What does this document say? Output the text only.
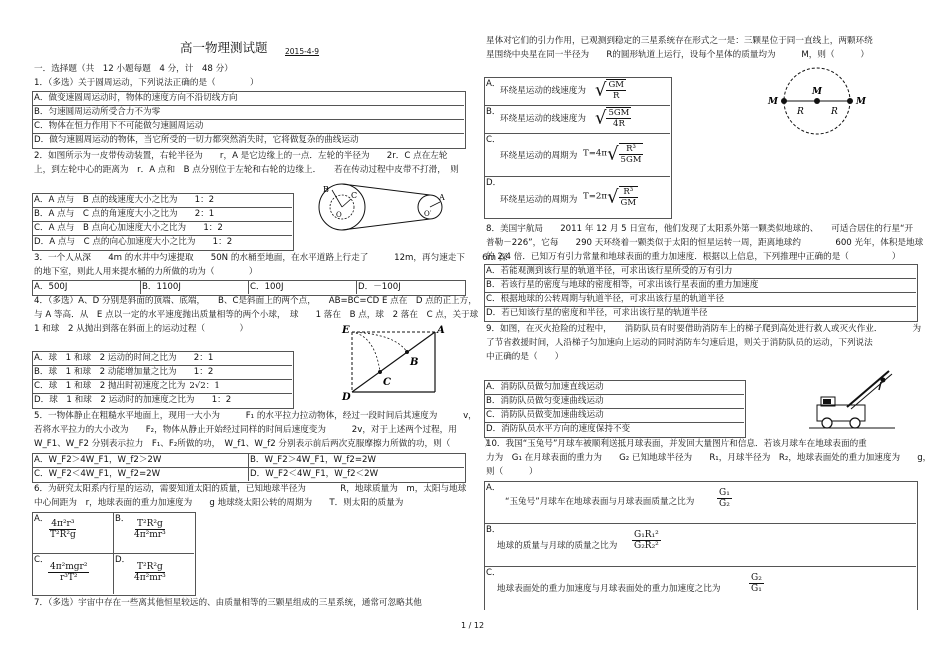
高一物理测试题 2015-4-9
一．选择题（共　12 小题每题　4 分，计　48 分）
1．（多选）关于圆周运动，下列说法正确的是（　　　　）
A．做变速圆周运动时，物体的速度方向不沿切线方向
B．匀速圆周运动所受合力不为零
C．物体在恒力作用下不可能做匀速圆周运动
D．做匀速圆周运动的物体，当它所受的一切力都突然消失时，它将做复杂的曲线运动
2．如图所示为一皮带传动装置，右轮半径为　　r，A 是它边缘上的一点．左轮的半径为　　2r．C 点在左轮
上，到左轮中心的距离为　r．A 点和　B 点分别位于左轮和右轮的边缘上．　　若在传动过程中皮带不打滑，　则
A．A 点与　B 点的线速度大小之比为　　1：2
B．A 点与　C 点的角速度大小之比为　　2：1
C．A 点与　B 点向心加速度大小之比为　　1：2
D．A 点与　C 点的向心加速度大小之比为　　1：2
B
C
O	O′
A
3．一个人从深　　4m 的水井中匀速提取　　50N 的水桶至地面，在水平道路上行走了　　　12m，再匀速走下　　6m 深
的地下室，则此人用来提水桶的力所做的功为（　　　　）
A．500J	B．1100J	C．100J	D．－100J
4．（多选）A、D 分别是斜面的顶端、底端，　　B、C是斜面上的两个点，　　AB=BC=CD E 点在　D 点的正上方，
与 A 等高．从　E 点以一定的水平速度抛出质量相等的两个小球，　球　　1 落在　B 点，球　2 落在　C 点，关于球
1 和球　2 从抛出到落在斜面上的运动过程（　　　　）
A．球　1 和球　2 运动的时间之比为　　2：1
B．球　1 和球　2 动能增加量之比为　　1：2
C．球　1 和球　2 抛出时初速度之比为 2√2：1
D．球　1 和球　2 运动时的加速度之比为　　1：2
E	A
B
C
D
5．一物体静止在粗糙水平地面上，现用一大小为　　　F₁ 的水平拉力拉动物体，经过一段时间后其速度为　　　v，
若将水平拉力的大小改为　　F₂，物体从静止开始经过同样的时间后速度变为　　　2v，对于上述两个过程，用
W_F1、W_F2 分别表示拉力　F₁、F₂所做的功，　W_f1、W_f2 分别表示前后两次克服摩擦力所做的功，则（　　　　）
A．W_F2＞4W_F1，W_f2＞2W	B．W_F2＞4W_F1，W_f2=2W
C．W_F2＜4W_F1，W_f2=2W	D．W_F2＜4W_F1，W_f2＜2W
6．为研究太阳系内行星的运动，需要知道太阳的质量，已知地球半径为　　　　R，地球质量为　m，太阳与地球
中心间距为　r，地球表面的重力加速度为　　g 地球绕太阳公转的周期为　　T．则太阳的质量为
A． $\frac{\text{4π²r³}}{\text{T²R²g}}$	B． $\frac{\text{T²R²g}}{\text{4π²mr³}}$
C．
$\frac{\text{4π²mgr²}}{\text{r³T²}}$
D．
$\frac{\text{T²R²g}}{\text{4π²mr³}}$
7．（多选）宇宙中存在一些离其他恒星较远的、由质量相等的三颗星组成的三星系统，通常可忽略其他
星体对它们的引力作用，已观测到稳定的三星系统存在形式之一是：三颗星位于同一直线上，两颗环绕
星围绕中央星在同一半径为　　R的圆形轨道上运行，设每个星体的质量均为　　　M，则（　　　）
A．
环绕星运动的线速度为 √ $\frac{GM}{R}$
B．
环绕星运动的线速度为 √ $\frac{5GM}{4R}$
C．
环绕星运动的周期为 $T=4\pi√ \frac{\text{R³}}{5GM}$
D．
环绕星运动的周期为 $T=2\pi√ \frac{\text{R³}}{GM}$
M
M
M
R	R
8．美国宇航局　　2011 年 12 月 5 日宣布，他们发现了太阳系外第一颗类似地球的、　　可适合居住的行星“开
普勒－226”，它每　　290 天环绕着一颗类似于太阳的恒星运转一周，距离地球约　　　　600 光年，体积是地球
的 2.4 倍．已知万有引力常量和地球表面的重力加速度．根据以上信息，下列推理中正确的是（　　　　　）
A．若能观测到该行星的轨道半径，可求出该行星所受的万有引力
B．若该行星的密度与地球的密度相等，可求出该行星表面的重力加速度
C．根据地球的公转周期与轨道半径，可求出该行星的轨道半径
D．若已知该行星的密度和半径，可求出该行星的轨道半径
9．如图，在灭火抢险的过程中，　　消防队员有时要借助消防车上的梯子爬到高处进行救人或灭火作业．　　　　为
了节省救援时间，人沿梯子匀加速向上运动的同时消防车匀速后退，则关于消防队员的运动，下列说法
中正确的是（　　）
A．消防队员做匀加速直线运动
B．消防队员做匀变速曲线运动
C．消防队员做变加速曲线运动
D．消防队员水平方向的速度保持不变
10．我国“玉兔号”月球车被顺利送抵月球表面，并发回大量图片和信息．若该月球车在地球表面的重
力为　G₁ 在月球表面的重力为　　G₂ 已知地球半径为　　R₁，月球半径为　R₂，地球表面处的重力加速度为　　g，
则（　　　）
A．
“玉兔号”月球车在地球表面与月球表面质量之比为	$\frac{\text{G₁}}{\text{G₂}}$
B．
地球的质量与月球的质量之比为 $\frac{\text{G₁R₁²}}{\text{G₂R₂²}}$
C．
地球表面处的重力加速度与月球表面处的重力加速度之比为	$\frac{\text{G₂}}{\text{G₁}}$
1 / 12
